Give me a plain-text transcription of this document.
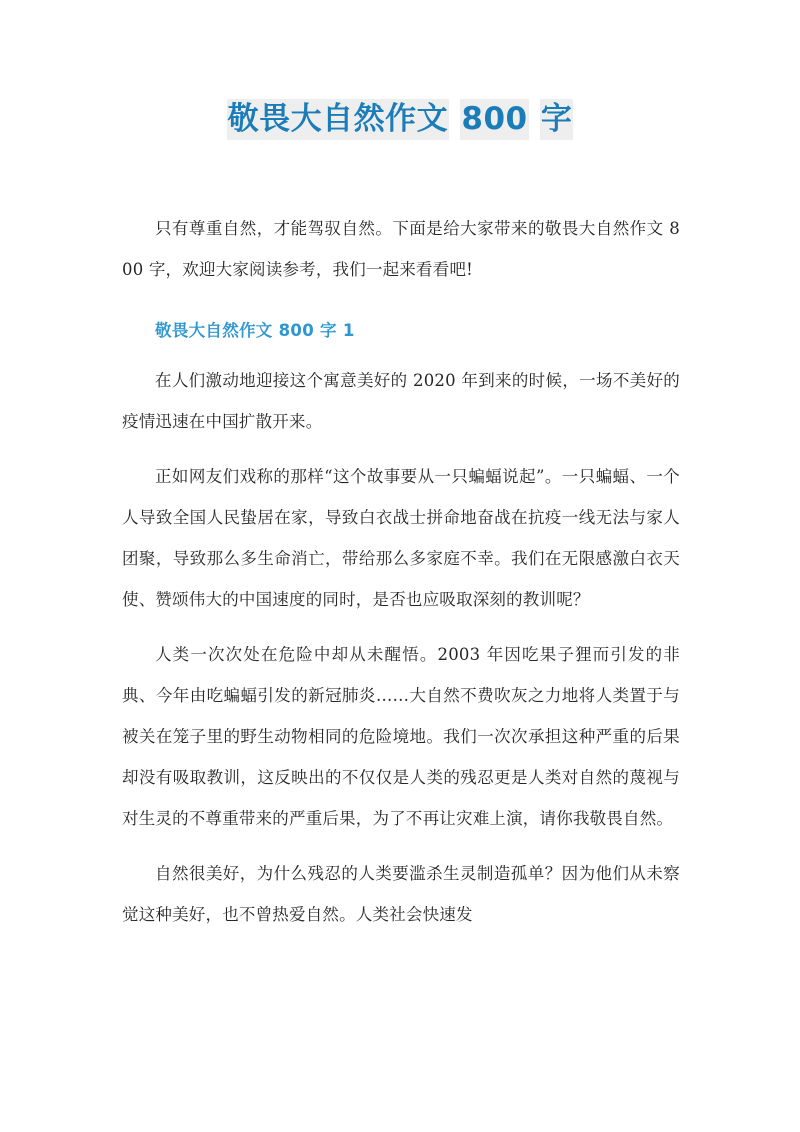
敬畏大自然作文 800 字

只有尊重自然，才能驾驭自然。下面是给大家带来的敬畏大自然作文 800 字，欢迎大家阅读参考，我们一起来看看吧!

敬畏大自然作文 800 字 1

在人们激动地迎接这个寓意美好的 2020 年到来的时候，一场不美好的疫情迅速在中国扩散开来。

正如网友们戏称的那样“这个故事要从一只蝙蝠说起”。一只蝙蝠、一个人导致全国人民蛰居在家，导致白衣战士拼命地奋战在抗疫一线无法与家人团聚，导致那么多生命消亡，带给那么多家庭不幸。我们在无限感激白衣天使、赞颂伟大的中国速度的同时，是否也应吸取深刻的教训呢？

人类一次次处在危险中却从未醒悟。2003 年因吃果子狸而引发的非典、今年由吃蝙蝠引发的新冠肺炎……大自然不费吹灰之力地将人类置于与被关在笼子里的野生动物相同的危险境地。我们一次次承担这种严重的后果却没有吸取教训，这反映出的不仅仅是人类的残忍更是人类对自然的蔑视与对生灵的不尊重带来的严重后果，为了不再让灾难上演，请你我敬畏自然。

自然很美好，为什么残忍的人类要滥杀生灵制造孤单？因为他们从未察觉这种美好，也不曾热爱自然。人类社会快速发
